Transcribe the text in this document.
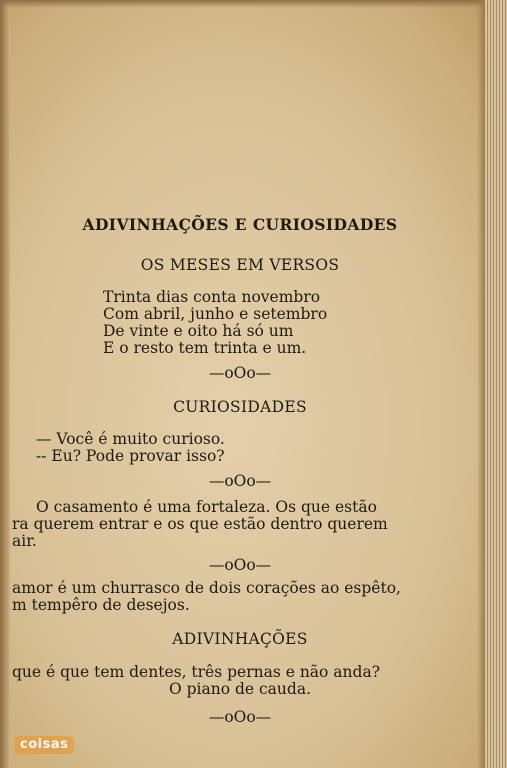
ADIVINHAÇÕES E CURIOSIDADES
OS MESES EM VERSOS
Trinta dias conta novembro
Com abril, junho e setembro
De vinte e oito há só um
E o resto tem trinta e um.
—oOo—
CURIOSIDADES
— Você é muito curioso.
-- Eu? Pode provar isso?
—oOo—
O casamento é uma fortaleza. Os que estão
ra querem entrar e os que estão dentro querem
air.
—oOo—
amor é um churrasco de dois corações ao espêto,
m tempêro de desejos.
ADIVINHAÇÕES
que é que tem dentes, três pernas e não anda?
O piano de cauda.
—oOo—
coisas
